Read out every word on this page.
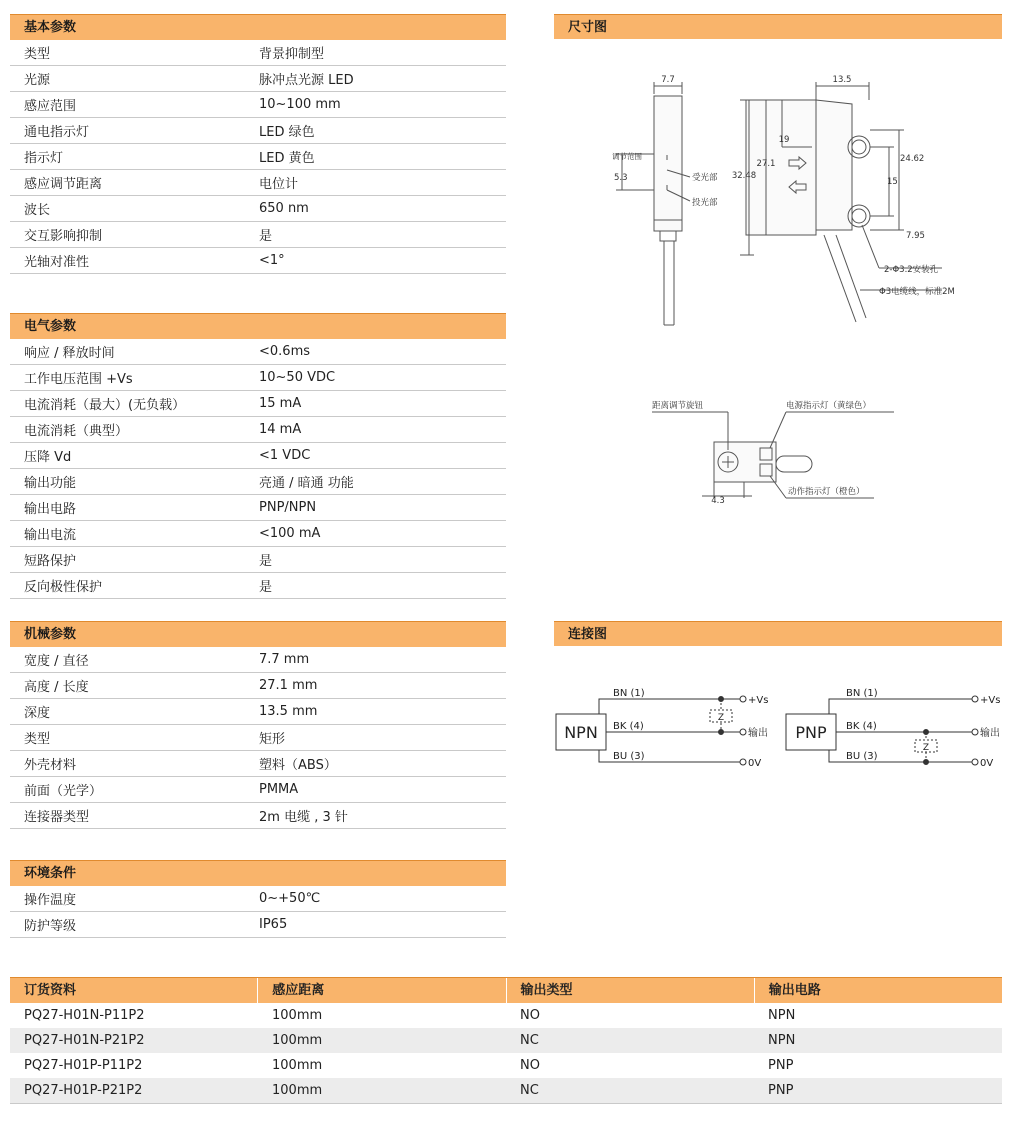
基本参数
类型	背景抑制型
光源	脉冲点光源 LED
感应范围	10~100 mm
通电指示灯	LED 绿色
指示灯	LED 黄色
感应调节距离	电位计
波长	650 nm
交互影响抑制	是
光轴对准性	<1°
电气参数
响应 / 释放时间	<0.6ms
工作电压范围 +Vs	10~50 VDC
电流消耗（最大）(无负载）	15 mA
电流消耗（典型）	14 mA
压降 Vd	<1 VDC
输出功能	亮通 / 暗通 功能
输出电路	PNP/NPN
输出电流	<100 mA
短路保护	是
反向极性保护	是
机械参数
宽度 / 直径	7.7 mm
高度 / 长度	27.1 mm
深度	13.5 mm
类型	矩形
外壳材料	塑料（ABS）
前面（光学）	PMMA
连接器类型	2m 电缆 , 3 针
环境条件
操作温度	0~+50℃
防护等级	IP65
尺寸图
连接图
7.7	13.5
19
27.1
32.48
24.62
15
7.95
5.3
4.3
调节范围
受光部
投光部
2-Φ3.2安装孔
Φ3电缆线，标准2M
距离调节旋钮	电源指示灯（黄绿色）
动作指示灯（橙色）
NPN
BN (1)
BK (4)
BU (3)
+Vs
输出
0V
Z
PNP
BN (1)
BK (4)
BU (3)
+Vs
输出
0V
Z
订货资料	感应距离	输出类型	输出电路
PQ27-H01N-P11P2	100mm	NO	NPN
PQ27-H01N-P21P2	100mm	NC	NPN
PQ27-H01P-P11P2	100mm	NO	PNP
PQ27-H01P-P21P2	100mm	NC	PNP
